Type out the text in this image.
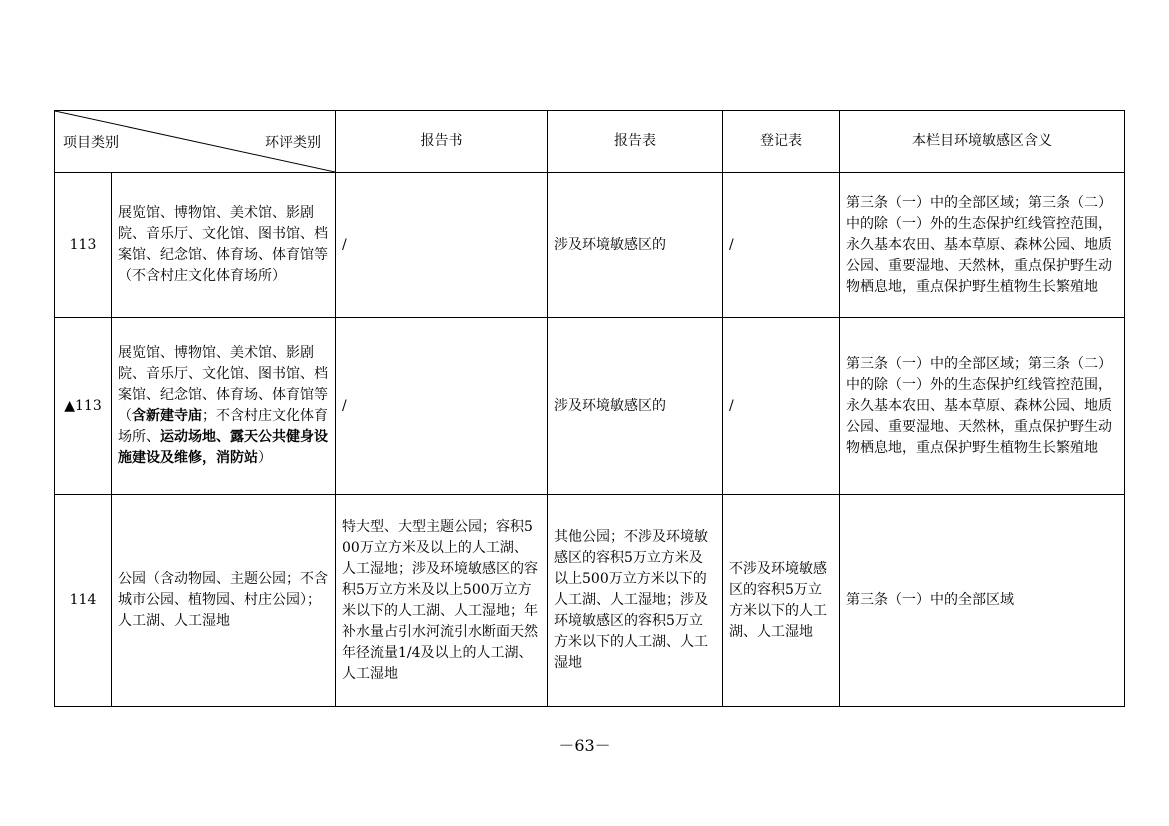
项目类别 环评类别		报告书	报告表	登记表	本栏目环境敏感区含义
113	展览馆、博物馆、美术馆、影剧院、音乐厅、文化馆、图书馆、档案馆、纪念馆、体育场、体育馆等（不含村庄文化体育场所）	/	涉及环境敏感区的	/	第三条（一）中的全部区域；第三条（二）中的除（一）外的生态保护红线管控范围，永久基本农田、基本草原、森林公园、地质公园、重要湿地、天然林，重点保护野生动物栖息地，重点保护野生植物生长繁殖地
▲113	展览馆、博物馆、美术馆、影剧院、音乐厅、文化馆、图书馆、档案馆、纪念馆、体育场、体育馆等（含新建寺庙；不含村庄文化体育场所、运动场地、露天公共健身设施建设及维修，消防站）	/	涉及环境敏感区的	/	第三条（一）中的全部区域；第三条（二）中的除（一）外的生态保护红线管控范围，永久基本农田、基本草原、森林公园、地质公园、重要湿地、天然林，重点保护野生动物栖息地，重点保护野生植物生长繁殖地
114	公园（含动物园、主题公园；不含城市公园、植物园、村庄公园）；人工湖、人工湿地	特大型、大型主题公园；容积500万立方米及以上的人工湖、人工湿地；涉及环境敏感区的容积5万立方米及以上500万立方米以下的人工湖、人工湿地；年补水量占引水河流引水断面天然年径流量1/4及以上的人工湖、人工湿地	其他公园；不涉及环境敏感区的容积5万立方米及以上500万立方米以下的人工湖、人工湿地；涉及环境敏感区的容积5万立方米以下的人工湖、人工湿地	不涉及环境敏感区的容积5万立方米以下的人工湖、人工湿地	第三条（一）中的全部区域
－63－
